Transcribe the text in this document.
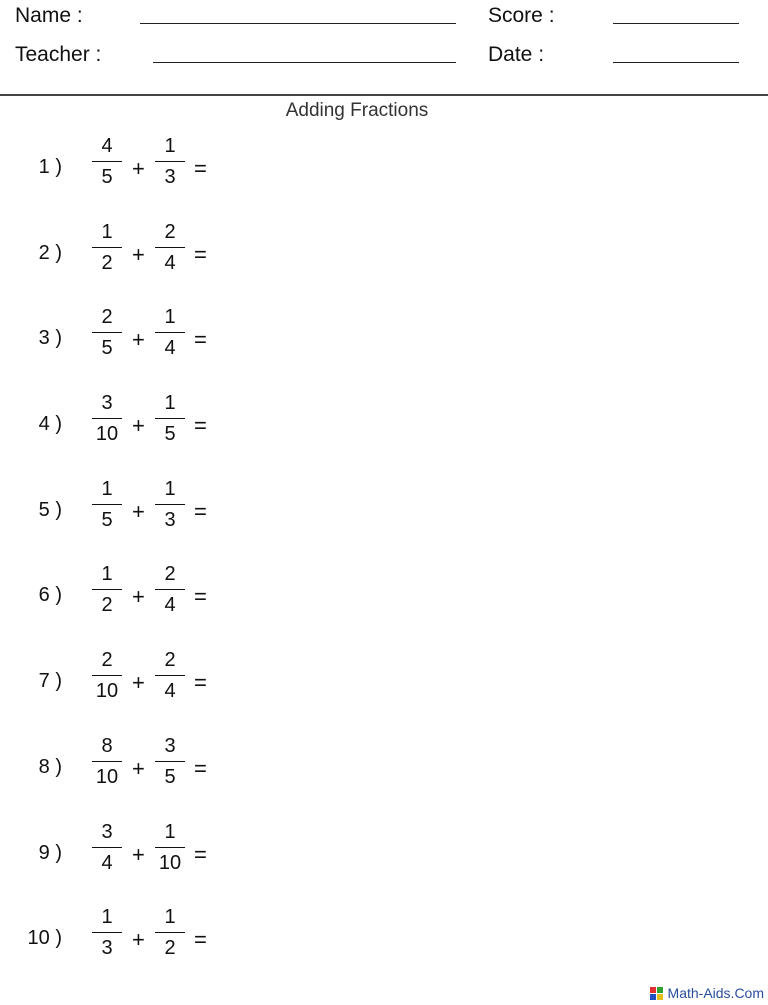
Name :	Score :
Teacher :	Date :
Adding Fractions
1 )
4
5 +
1
3 =
2 )
1
2 +
2
4 =
3 )
2
5 +
1
4 =
4 )
3
10 +
1
5 =
5 )
1
5 +
1
3 =
6 )
1
2 +
2
4 =
7 )
2
10 +
2
4 =
8 )
8
10 +
3
5 =
9 )
3
4 +
1
10 =
10 )
1
3 +
1
2 =
Math-Aids.Com
